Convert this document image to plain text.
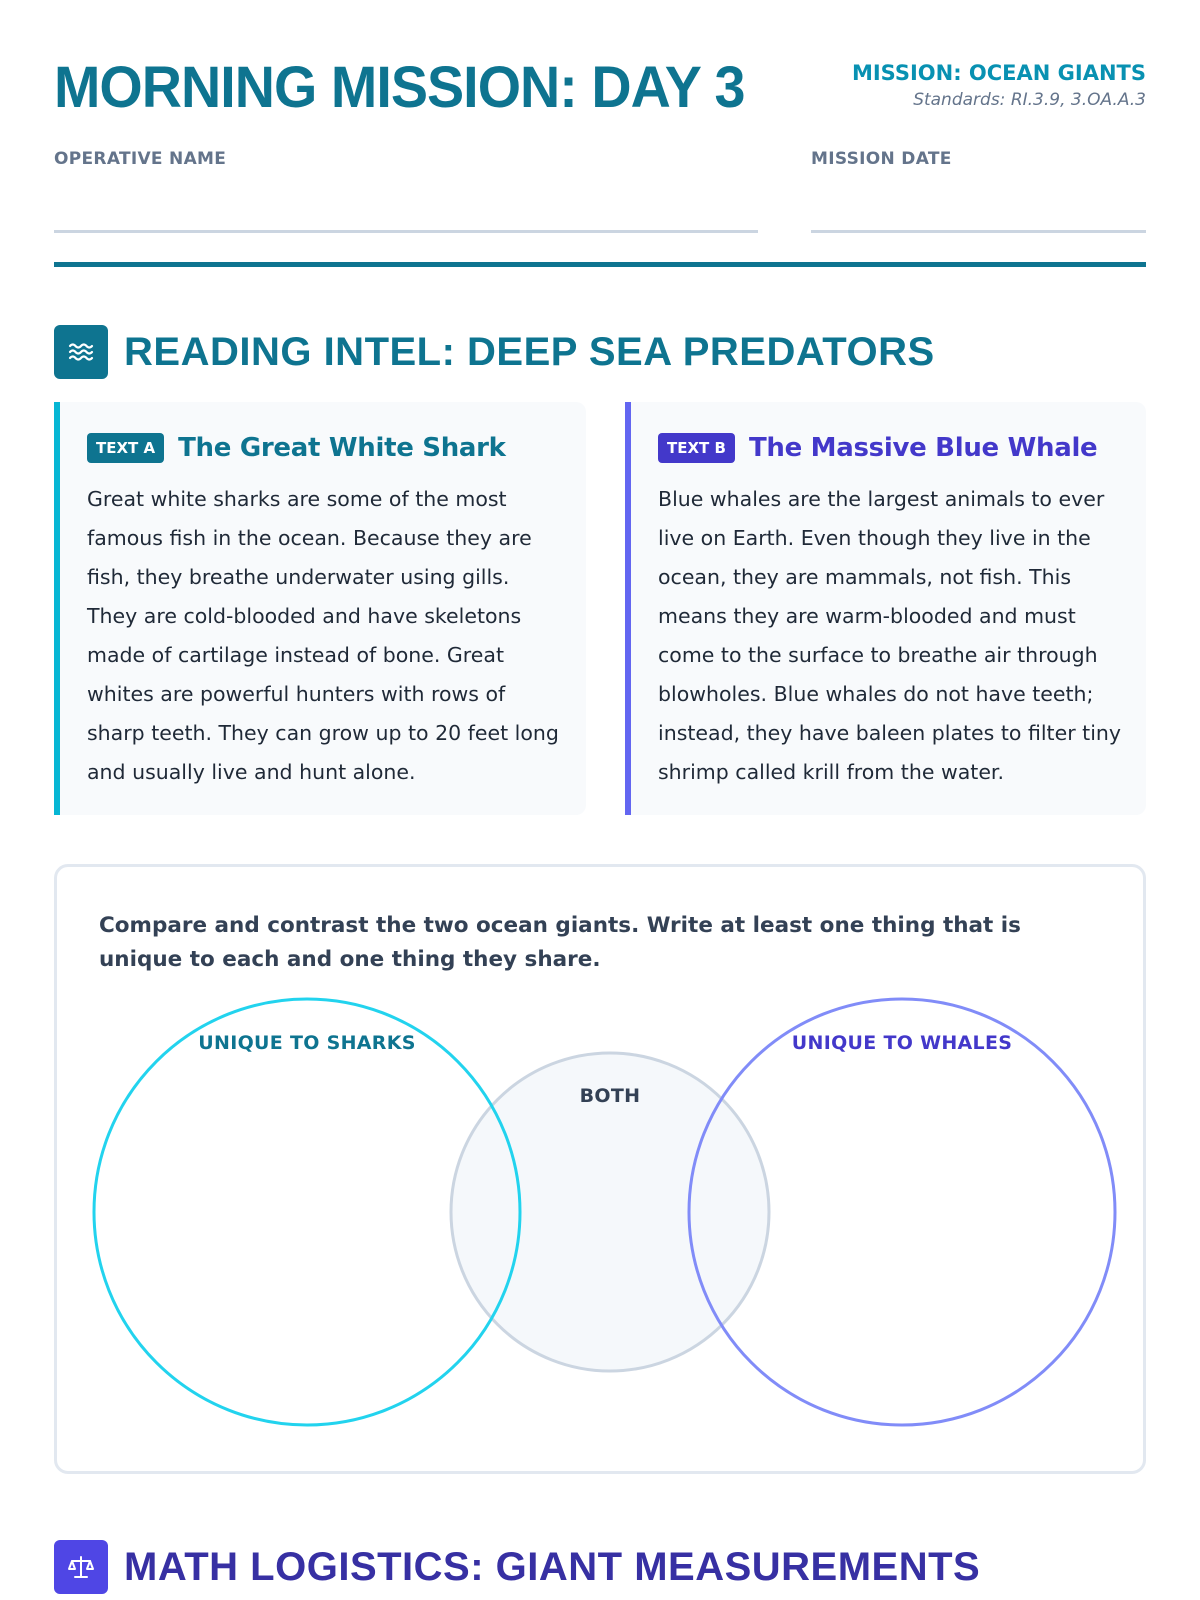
MORNING MISSION: DAY 3	MISSION: OCEAN GIANTS
Standards: RI.3.9, 3.OA.A.3
OPERATIVE NAME	MISSION DATE
READING INTEL: DEEP SEA PREDATORS
TEXT A The Great White Shark
Great white sharks are some of the most famous fish in the ocean. Because they are fish, they breathe underwater using gills. They are cold-blooded and have skeletons made of cartilage instead of bone. Great whites are powerful hunters with rows of sharp teeth. They can grow up to 20 feet long and usually live and hunt alone.
TEXT B The Massive Blue Whale
Blue whales are the largest animals to ever live on Earth. Even though they live in the ocean, they are mammals, not fish. This means they are warm-blooded and must come to the surface to breathe air through blowholes. Blue whales do not have teeth; instead, they have baleen plates to filter tiny shrimp called krill from the water.
Compare and contrast the two ocean giants. Write at least one thing that is unique to each and one thing they share.
UNIQUE TO SHARKS
BOTH
UNIQUE TO WHALES
MATH LOGISTICS: GIANT MEASUREMENTS
